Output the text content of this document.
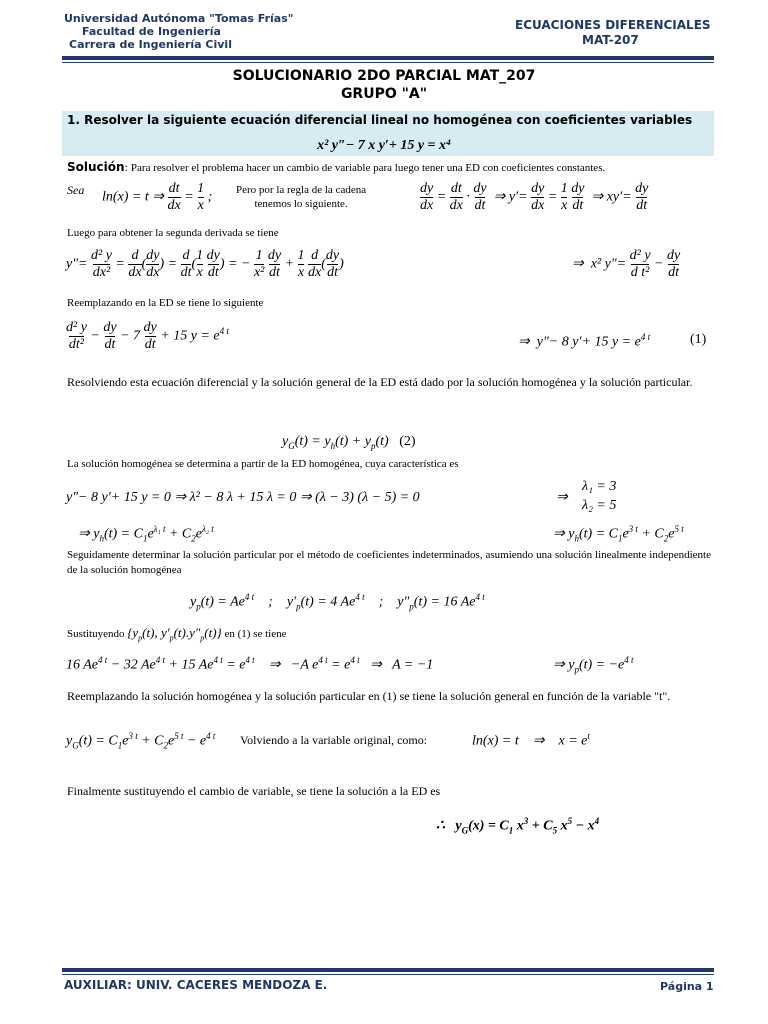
Universidad Autónoma "Tomas Frías"
Facultad de Ingeniería
Carrera de Ingeniería Civil
ECUACIONES DIFERENCIALES
MAT-207
SOLUCIONARIO 2DO PARCIAL MAT_207
GRUPO "A"
1. Resolver la siguiente ecuación diferencial lineal no homogénea con coeficientes variables
x² y″− 7 x y′+ 15 y = x⁴
Solución: Para resolver el problema hacer un cambio de variable para luego tener una ED con coeficientes constantes.
Sea ln(x) = t ⇒ $\frac{dt}{dx} = \frac{1}{x}$ ; Pero por la regla de la cadena
tenemos lo siguiente.	$\frac{dy}{dx} = \frac{dt}{dx} \cdot \frac{dy}{dt}$ ⇒ $y'= \frac{dy}{dx} = \frac{1}{x}$
$\frac{dy}{dt}$ ⇒ $xy'= \frac{dy}{dt}$
Luego para obtener la segunda derivada se tiene
$y''= \frac{\text{d² y}}{\text{dx²}} = \frac{d}{dx}$ ( $\frac{dy}{dx}$ ) = $\frac{d}{dt}$ ( $\frac{1}{x}$
$\frac{dy}{dt}$ ) = − $\frac{1}{\text{x²}}$
$\frac{dy}{dt} + \frac{1}{x}$
$\frac{d}{dx}$ ( $\frac{dy}{dt}$ )	⇒  x² $y''= \frac{\text{d² y}}{\text{d t²}} - \frac{dy}{dt}$
Reemplazando en la ED se tiene lo siguiente
$\frac{\text{d² y}}{\text{dt²}} - \frac{dy}{dt} - 7 \frac{dy}{dt} + 15$ $y = e^{4 t}$
⇒  y″− 8 y′+ 15 $y = e^{4 t}$	(1)
Resolviendo esta ecuación diferencial y la solución general de la ED está dado por la solución homogénea y la solución particular.
$y_G(t) = y_h(t) + y_p(t)$   (2)
La solución homogénea se determina a partir de la ED homogénea, cuya característica es
y″− 8 y′+ 15 y = 0 ⇒ λ² − 8 λ + 15 λ = 0 ⇒ (λ − 3) (λ − 5) = 0	⇒
λ₁ = 3
λ₂ = 5
⇒ $y_h(t) = C_1e^{\lambda_1 t} + C_2e^{\lambda_2 t}$	⇒ $y_h(t) = C_1e^{3 t} + C_2e^{5 t}$
Seguidamente determinar la solución particular por el método de coeficientes indeterminados, asumiendo una solución linealmente independiente de la solución homogénea
$y_p(t) = Ae^{4 t}$    ;    $y'_p(t) = 4$ $Ae^{4 t}$    ;    $y''_p(t) = 16$ $Ae^{4 t}$
Sustituyendo {$y_p(t)$, $y'_p(t).y''_p(t)$} en (1) se tiene
16 $Ae^{4 t} - 32$ $Ae^{4 t} + 15$ $Ae^{4 t} = e^{4 t}$    ⇒   −A $e^{4 t} = e^{4 t}$   ⇒   A = −1	⇒ $y_p(t) = -e^{4 t}$
Reemplazando la solución homogénea y la solución particular en (1) se tiene la solución general en función de la variable "t".
$y_G(t) = C_1e^{3 t} + C_2e^{5 t} - e^{4 t}$ Volviendo a la variable original, como:	ln(x) = t    ⇒    $x = e^t$
Finalmente sustituyendo el cambio de variable, se tiene la solución a la ED es
∴   $y_G(x) = C_1$ $x^3 + C_5$ $x^5 - x^4$
AUXILIAR: UNIV. CACERES MENDOZA E.	Página 1
